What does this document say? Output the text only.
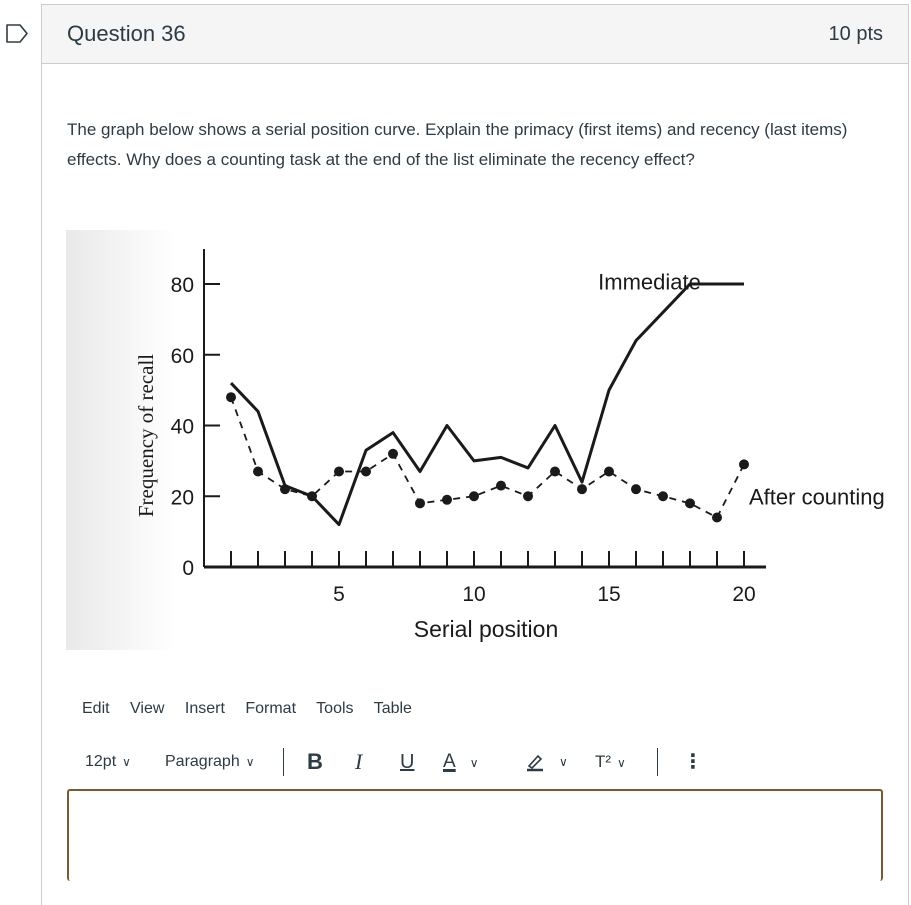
Question 36	10 pts
The graph below shows a serial position curve. Explain the primacy (first items) and recency (last items) effects. Why does a counting task at the end of the list eliminate the recency effect?
0
20
40
60
80
5	10	15	20
Serial position
Frequency of recall
Immediate
After counting
Edit View Insert Format Tools Table
12pt ∨ Paragraph ∨ B I U A ∨	∨ T² ∨	⋮
